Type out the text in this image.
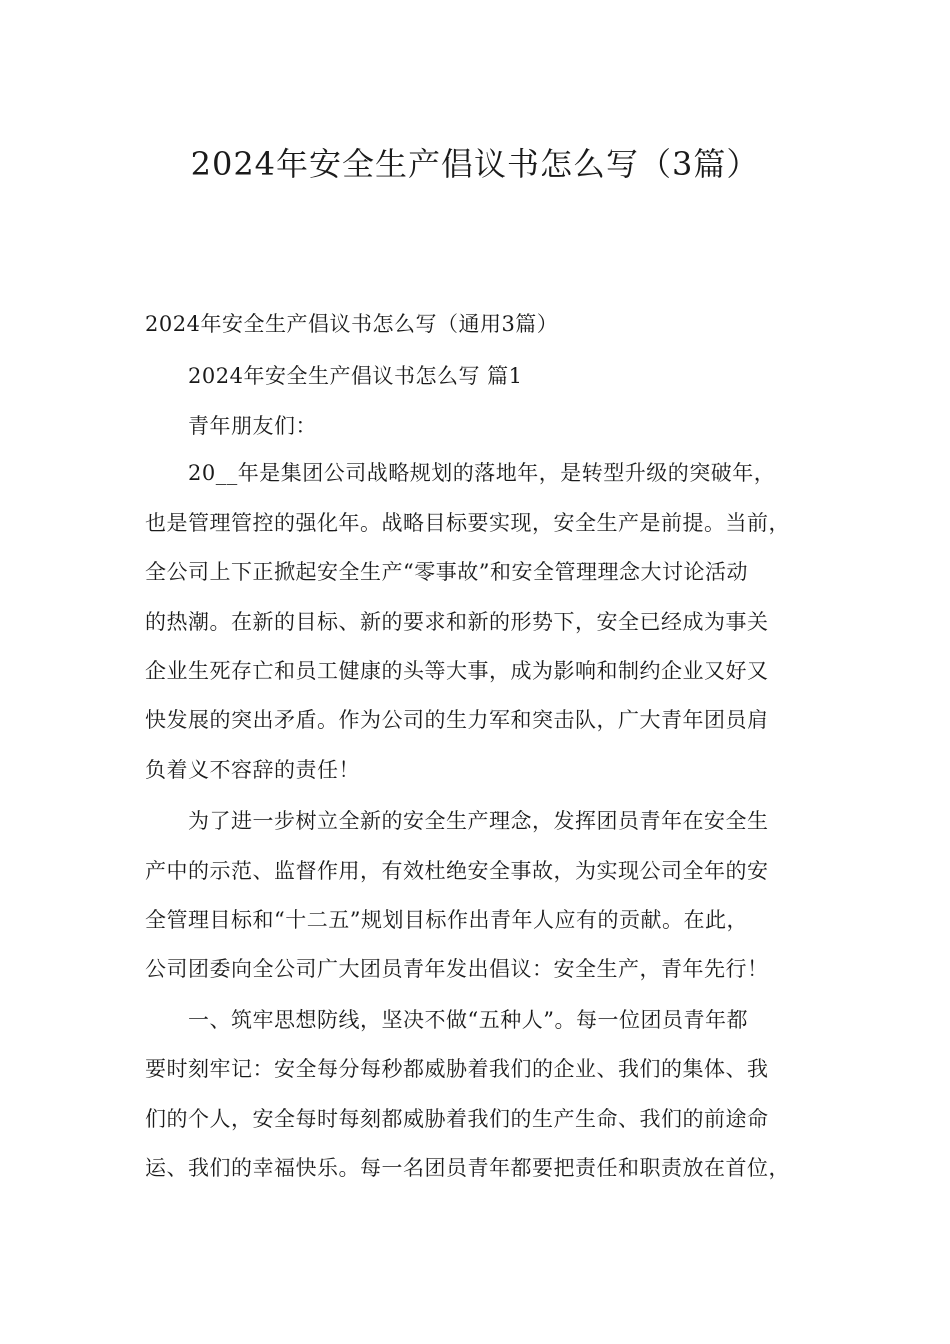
2024年安全生产倡议书怎么写（3篇）
2024年安全生产倡议书怎么写（通用3篇）
2024年安全生产倡议书怎么写 篇1
青年朋友们：
20__年是集团公司战略规划的落地年，是转型升级的突破年，
也是管理管控的强化年。战略目标要实现，安全生产是前提。当前，
全公司上下正掀起安全生产“零事故”和安全管理理念大讨论活动
的热潮。在新的目标、新的要求和新的形势下，安全已经成为事关
企业生死存亡和员工健康的头等大事，成为影响和制约企业又好又
快发展的突出矛盾。作为公司的生力军和突击队，广大青年团员肩
负着义不容辞的责任！
为了进一步树立全新的安全生产理念，发挥团员青年在安全生
产中的示范、监督作用，有效杜绝安全事故，为实现公司全年的安
全管理目标和“十二五”规划目标作出青年人应有的贡献。在此，
公司团委向全公司广大团员青年发出倡议：安全生产，青年先行！
一、筑牢思想防线，坚决不做“五种人”。每一位团员青年都
要时刻牢记：安全每分每秒都威胁着我们的企业、我们的集体、我
们的个人，安全每时每刻都威胁着我们的生产生命、我们的前途命
运、我们的幸福快乐。每一名团员青年都要把责任和职责放在首位，
